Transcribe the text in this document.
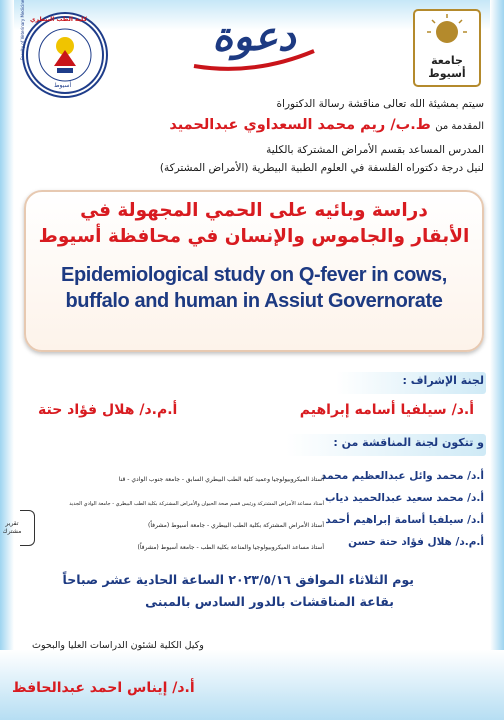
كلية الطب البيطري
أسيوط
Faculty of Veterinary Medicine	دعوة
جامعة أسيوط
سيتم بمشيئة الله تعالى مناقشة رسالة الدكتوراة
المقدمة من ط.ب/ ريم محمد السعداوي عبدالحميد
المدرس المساعد بقسم الأمراض المشتركة بالكلية
لنيل درجة دكتوراه الفلسفة في العلوم الطبية البيطرية (الأمراض المشتركة)
دراسة وبائيه على الحمي المجهولة في
الأبقار والجاموس والإنسان في محافظة أسيوط
Epidemiological study on Q-fever in cows,
buffalo and human in Assiut Governorate
لجنة الإشراف :
أ.د/ سيلفيا أسامه إبراهيم
أ.م.د/ هلال فؤاد حتة
و تتكون لجنة المناقشة من :
أ.د/ محمد وائل عبدالعظيم محمد
أستاذ الميكروبيولوجيا وعميد كلية الطب البيطري السابق - جامعة جنوب الوادي - قنا
أ.د/ محمد سعيد عبدالحميد دياب
أستاذ مساعد الأمراض المشتركة ورئيس قسم صحة الحيوان والأمراض المشتركة بكلية الطب البيطري - جامعة الوادي الجديد
أ.د/ سيلفيا أسامة إبراهيم أحمد
أستاذ الأمراض المشتركة بكلية الطب البيطري - جامعة أسيوط (مشرفاً)
أ.م.د/ هلال فؤاد حتة حسن
أستاذ مساعد الميكروبيولوجيا والمناعة بكلية الطب - جامعة أسيوط (مشرفاً)
تقرير مشترك
يوم الثلاثاء الموافق ٢٠٢٣/٥/١٦ الساعة الحادية عشر صباحاً
بقاعة المناقشات بالدور السادس بالمبنى
وكيل الكلية لشئون الدراسات العليا والبحوث
أ.د/ إيناس احمد عبدالحافظ
